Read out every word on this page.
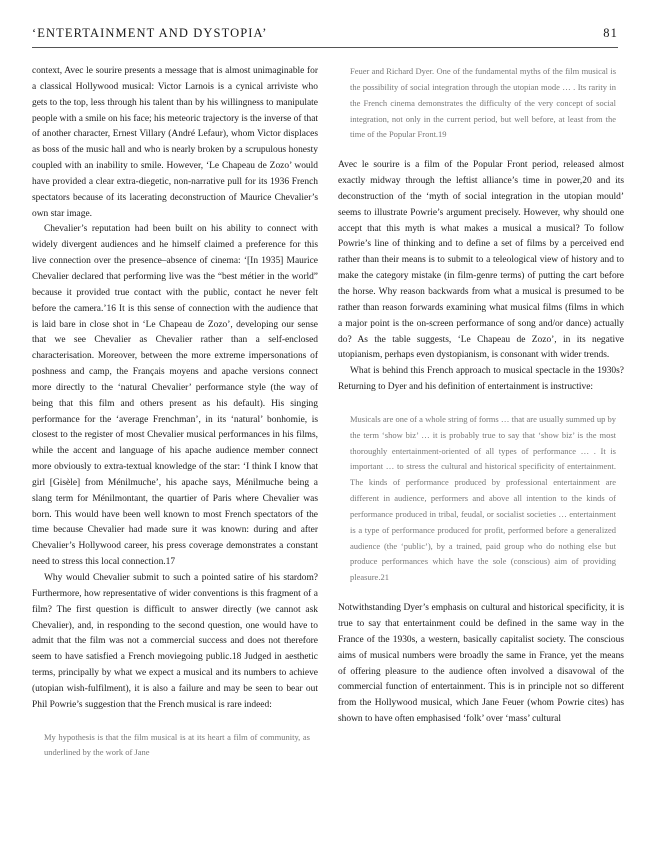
‘ENTERTAINMENT AND DYSTOPIA’	81

context, Avec le sourire presents a message that is almost unimaginable for a classical Hollywood musical: Victor Larnois is a cynical arriviste who gets to the top, less through his talent than by his willingness to manipulate people with a smile on his face; his meteoric trajectory is the inverse of that of another character, Ernest Villary (André Lefaur), whom Victor displaces as boss of the music hall and who is nearly broken by a scrupulous honesty coupled with an inability to smile. However, ‘Le Chapeau de Zozo’ would have provided a clear extra-diegetic, non-narrative pull for its 1936 French spectators because of its lacerating deconstruction of Maurice Chevalier’s own star image.

Chevalier’s reputation had been built on his ability to connect with widely divergent audiences and he himself claimed a preference for this live connection over the presence–absence of cinema: ‘[In 1935] Maurice Chevalier declared that performing live was the “best métier in the world” because it provided true contact with the public, contact he never felt before the camera.’16 It is this sense of connection with the audience that is laid bare in close shot in ‘Le Chapeau de Zozo’, developing our sense that we see Chevalier as Chevalier rather than a self-enclosed characterisation. Moreover, between the more extreme impersonations of poshness and camp, the Français moyens and apache versions connect more directly to the ‘natural Chevalier’ performance style (the way of being that this film and others present as his default). His singing performance for the ‘average Frenchman’, in its ‘natural’ bonhomie, is closest to the register of most Chevalier musical performances in his films, while the accent and language of his apache audience member connect more obviously to extra-textual knowledge of the star: ‘I think I know that girl [Gisèle] from Ménilmuche’, his apache says, Ménilmuche being a slang term for Ménilmontant, the quartier of Paris where Chevalier was born. This would have been well known to most French spectators of the time because Chevalier had made sure it was known: during and after Chevalier’s Hollywood career, his press coverage demonstrates a constant need to stress this local connection.17

Why would Chevalier submit to such a pointed satire of his stardom? Furthermore, how representative of wider conventions is this fragment of a film? The first question is difficult to answer directly (we cannot ask Chevalier), and, in responding to the second question, one would have to admit that the film was not a commercial success and does not therefore seem to have satisfied a French moviegoing public.18 Judged in aesthetic terms, principally by what we expect a musical and its numbers to achieve (utopian wish-fulfilment), it is also a failure and may be seen to bear out Phil Powrie’s suggestion that the French musical is rare indeed:

My hypothesis is that the film musical is at its heart a film of community, as underlined by the work of Jane

Feuer and Richard Dyer. One of the fundamental myths of the film musical is the possibility of social integration through the utopian mode … . Its rarity in the French cinema demonstrates the difficulty of the very concept of social integration, not only in the current period, but well before, at least from the time of the Popular Front.19

Avec le sourire is a film of the Popular Front period, released almost exactly midway through the leftist alliance’s time in power,20 and its deconstruction of the ‘myth of social integration in the utopian mould’ seems to illustrate Powrie’s argument precisely. However, why should one accept that this myth is what makes a musical a musical? To follow Powrie’s line of thinking and to define a set of films by a perceived end rather than their means is to submit to a teleological view of history and to make the category mistake (in film-genre terms) of putting the cart before the horse. Why reason backwards from what a musical is presumed to be rather than reason forwards examining what musical films (films in which a major point is the on-screen performance of song and/or dance) actually do? As the table suggests, ‘Le Chapeau de Zozo’, in its negative utopianism, perhaps even dystopianism, is consonant with wider trends.

What is behind this French approach to musical spectacle in the 1930s? Returning to Dyer and his definition of entertainment is instructive:

Musicals are one of a whole string of forms … that are usually summed up by the term ‘show biz’ … it is probably true to say that ‘show biz’ is the most thoroughly entertainment-oriented of all types of performance … . It is important … to stress the cultural and historical specificity of entertainment. The kinds of performance produced by professional entertainment are different in audience, performers and above all intention to the kinds of performance produced in tribal, feudal, or socialist societies … entertainment is a type of performance produced for profit, performed before a generalized audience (the ‘public’), by a trained, paid group who do nothing else but produce performances which have the sole (conscious) aim of providing pleasure.21

Notwithstanding Dyer’s emphasis on cultural and historical specificity, it is true to say that entertainment could be defined in the same way in the France of the 1930s, a western, basically capitalist society. The conscious aims of musical numbers were broadly the same in France, yet the means of offering pleasure to the audience often involved a disavowal of the commercial function of entertainment. This is in principle not so different from the Hollywood musical, which Jane Feuer (whom Powrie cites) has shown to have often emphasised ‘folk’ over ‘mass’ cultural
